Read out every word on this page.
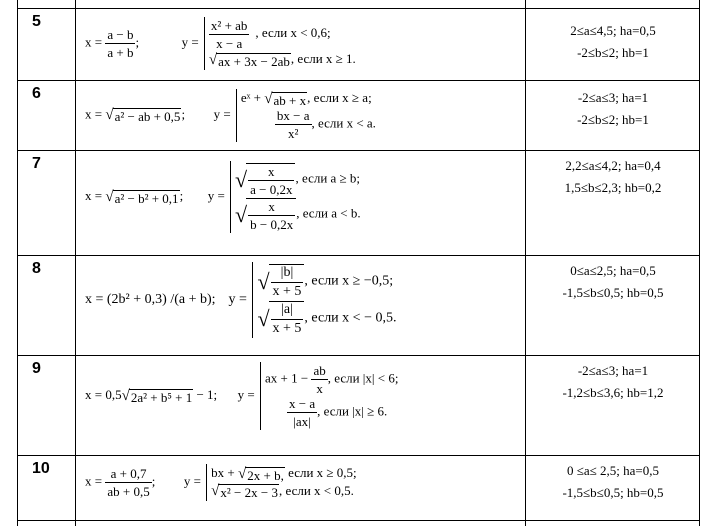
5
$x = \frac{a - b}{a + b}$ ;	$y = \frac{\text{x² + ab}}{x - a}$ , если x < 0,6;
√ax + 3x − 2ab, если x ≥ 1.
2≤a≤4,5; ha=0,5
-2≤b≤2; hb=1
6
x = √a² − ab + 0,5; y =
eˣ + √ab + x, если x ≥ a;
$\frac{bx - a}{\text{x²}}$ , если x < a.
-2≤a≤3; ha=1
-2≤b≤2; hb=1
7
x = √a² − b² + 0,1; y =
√ $\frac{x}{a - 0,2x}$ , если a ≥ b;
√ $\frac{x}{b - 0,2x}$ , если a < b.
2,2≤a≤4,2; ha=0,4
1,5≤b≤2,3; hb=0,2
8
x = (2b² + 0,3) /(a + b); y =
√ $\frac{|b|}{x + 5}$ , если x ≥ −0,5;
√ $\frac{|a|}{x + 5}$ , если x < − 0,5.
0≤a≤2,5; ha=0,5
-1,5≤b≤0,5; hb=0,5
9
x = 0,5√2a² + b⁵ + 1 − 1; y =
ax + $1 - \frac{ab}{x}$ , если |x| < 6;
$\frac{x - a}{|ax|}$ , если |x| ≥ 6.
-2≤a≤3; ha=1
-1,2≤b≤3,6; hb=1,2
10
$x = \frac{a + 0,7}{ab + 0,5}$ ; y =
bx + √2x + b, если x ≥ 0,5;
√x² − 2x − 3, если x < 0,5.
0 ≤a≤ 2,5; ha=0,5
-1,5≤b≤0,5; hb=0,5
